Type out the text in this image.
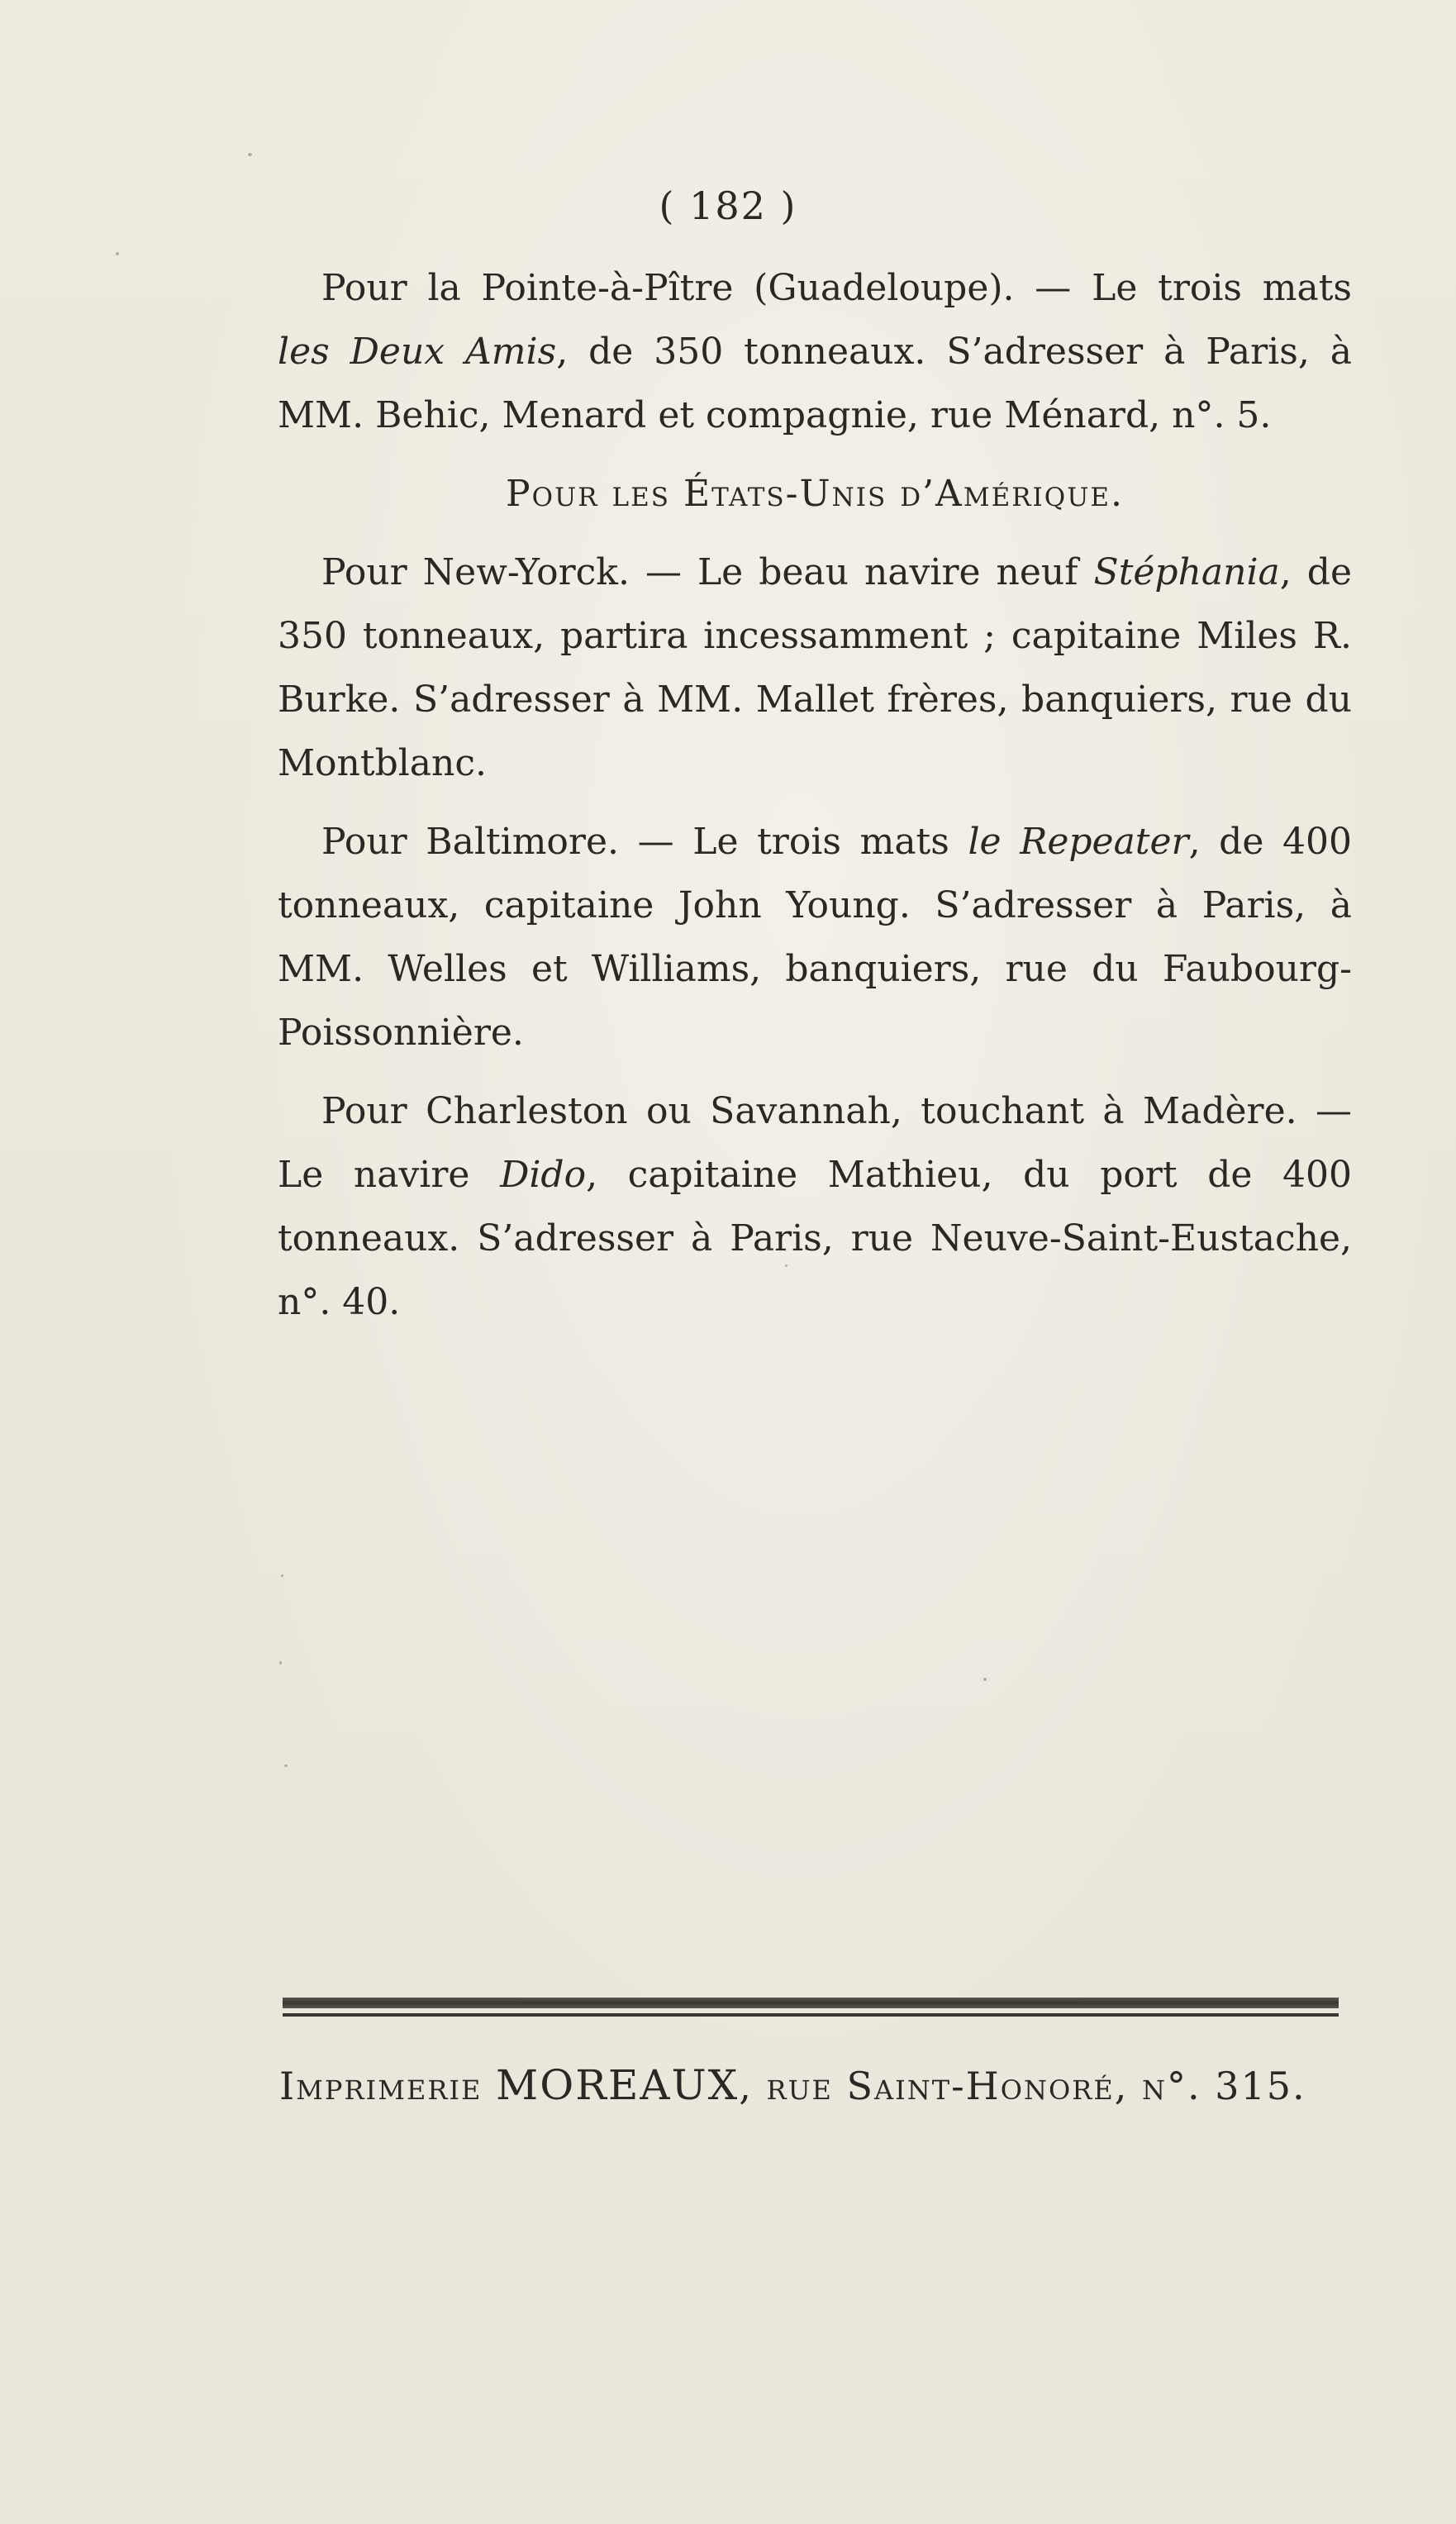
( 182 )

Pour la Pointe-à-Pître (Guadeloupe). — Le trois mats les Deux Amis, de 350 tonneaux. S’adresser à Paris, à MM. Behic, Menard et compagnie, rue Ménard, n°. 5.

Pour les États-Unis d’Amérique.

Pour New-Yorck. — Le beau navire neuf Stéphania, de 350 tonneaux, partira incessamment ; capitaine Miles R. Burke. S’adresser à MM. Mallet frères, banquiers, rue du Montblanc.

Pour Baltimore. — Le trois mats le Repeater, de 400 tonneaux, capitaine John Young. S’adresser à Paris, à MM. Welles et Williams, banquiers, rue du Faubourg-Poissonnière.

Pour Charleston ou Savannah, touchant à Madère. — Le navire Dido, capitaine Mathieu, du port de 400 tonneaux. S’adresser à Paris, rue Neuve-Saint-Eustache, n°. 40.

Imprimerie MOREAUX, rue Saint-Honoré, n°. 315.
